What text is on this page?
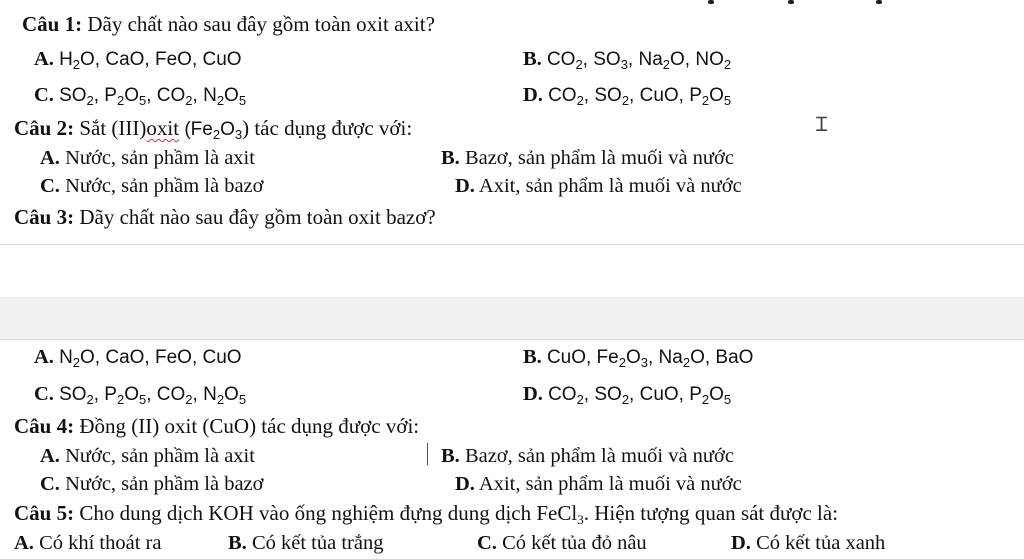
Câu 1: Dãy chất nào sau đây gồm toàn oxit axit?
A. $H_2O$, CaO, FeO, CuO	B. $CO_2$, $SO_3$, $Na_2O$, $NO_2$
C. $SO_2$, $P_2O_5$, $CO_2$, $N_2O_5$	D. $CO_2$, $SO_2$, CuO, $P_2O_5$
Câu 2: Sắt (III)oxit $(Fe_2O_3)$ tác dụng được với:	Ɪ
A. Nước, sản phầm là axit	B. Bazơ, sản phẩm là muối và nước
C. Nước, sản phầm là bazơ	D. Axit, sản phẩm là muối và nước
Câu 3: Dãy chất nào sau đây gồm toàn oxit bazơ?
A. $N_2O$, CaO, FeO, CuO	B. CuO, $Fe_2O_3$, $Na_2O$, BaO
C. $SO_2$, $P_2O_5$, $CO_2$, $N_2O_5$	D. $CO_2$, $SO_2$, CuO, $P_2O_5$
Câu 4: Đồng (II) oxit (CuO) tác dụng được với:
A. Nước, sản phầm là axit	B. Bazơ, sản phẩm là muối và nước
C. Nước, sản phầm là bazơ	D. Axit, sản phẩm là muối và nước
Câu 5: Cho dung dịch KOH vào ống nghiệm đựng dung dịch FeCl$_3$. Hiện tượng quan sát được là:
A. Có khí thoát ra	B. Có kết tủa trắng	C. Có kết tủa đỏ nâu	D. Có kết tủa xanh
